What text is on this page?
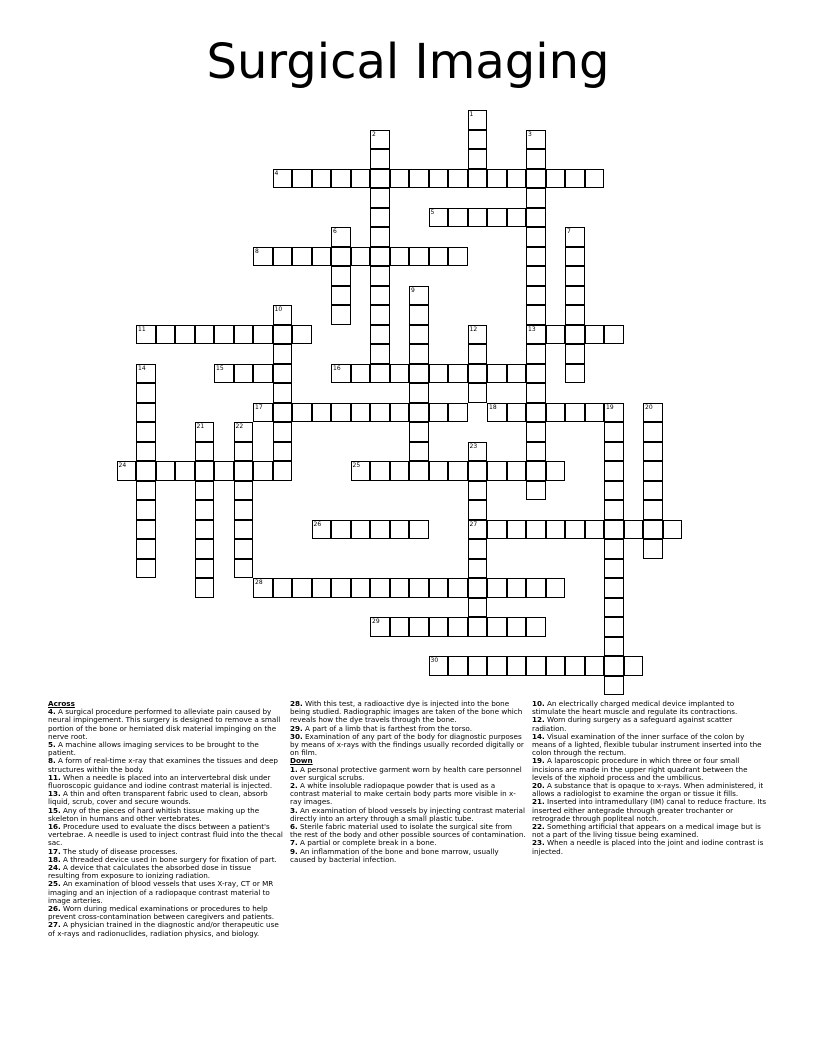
Surgical Imaging
1
2	3
13
4
5
6	7
8
9
10
11	12
14	15	16
17	18	19	20
21	22
23
27
24	25
26
28
29
30
Across
4. A surgical procedure performed to alleviate pain caused by neural impingement. This surgery is designed to remove a small portion of the bone or herniated disk material impinging on the nerve root.
5. A machine allows imaging services to be brought to the patient.
8. A form of real-time x-ray that examines the tissues and deep structures within the body.
11. When a needle is placed into an intervertebral disk under fluoroscopic guidance and iodine contrast material is injected.
13. A thin and often transparent fabric used to clean, absorb liquid, scrub, cover and secure wounds.
15. Any of the pieces of hard whitish tissue making up the skeleton in humans and other vertebrates.
16. Procedure used to evaluate the discs between a patient's vertebrae. A needle is used to inject contrast fluid into the thecal sac.
17. The study of disease processes.
18. A threaded device used in bone surgery for fixation of part.
24. A device that calculates the absorbed dose in tissue resulting from exposure to ionizing radiation.
25. An examination of blood vessels that uses X-ray, CT or MR imaging and an injection of a radiopaque contrast material to image arteries.
26. Worn during medical examinations or procedures to help prevent cross-contamination between caregivers and patients.
27. A physician trained in the diagnostic and/or therapeutic use of x-rays and radionuclides, radiation physics, and biology.
28. With this test, a radioactive dye is injected into the bone being studied. Radiographic images are taken of the bone which reveals how the dye travels through the bone.
29. A part of a limb that is farthest from the torso.
30. Examination of any part of the body for diagnostic purposes by means of x-rays with the findings usually recorded digitally or on film.
Down
1. A personal protective garment worn by health care personnel over surgical scrubs.
2. A white insoluble radiopaque powder that is used as a contrast material to make certain body parts more visible in x-ray images.
3. An examination of blood vessels by injecting contrast material directly into an artery through a small plastic tube.
6. Sterile fabric material used to isolate the surgical site from the rest of the body and other possible sources of contamination.
7. A partial or complete break in a bone.
9. An inflammation of the bone and bone marrow, usually caused by bacterial infection.
10. An electrically charged medical device implanted to stimulate the heart muscle and regulate its contractions.
12. Worn during surgery as a safeguard against scatter radiation.
14. Visual examination of the inner surface of the colon by means of a lighted, flexible tubular instrument inserted into the colon through the rectum.
19. A laparoscopic procedure in which three or four small incisions are made in the upper right quadrant between the levels of the xiphoid process and the umbilicus.
20. A substance that is opaque to x-rays. When administered, it allows a radiologist to examine the organ or tissue it fills.
21. Inserted into intramedullary (IM) canal to reduce fracture. Its inserted either antegrade through greater trochanter or retrograde through popliteal notch.
22. Something artificial that appears on a medical image but is not a part of the living tissue being examined.
23. When a needle is placed into the joint and iodine contrast is injected.
